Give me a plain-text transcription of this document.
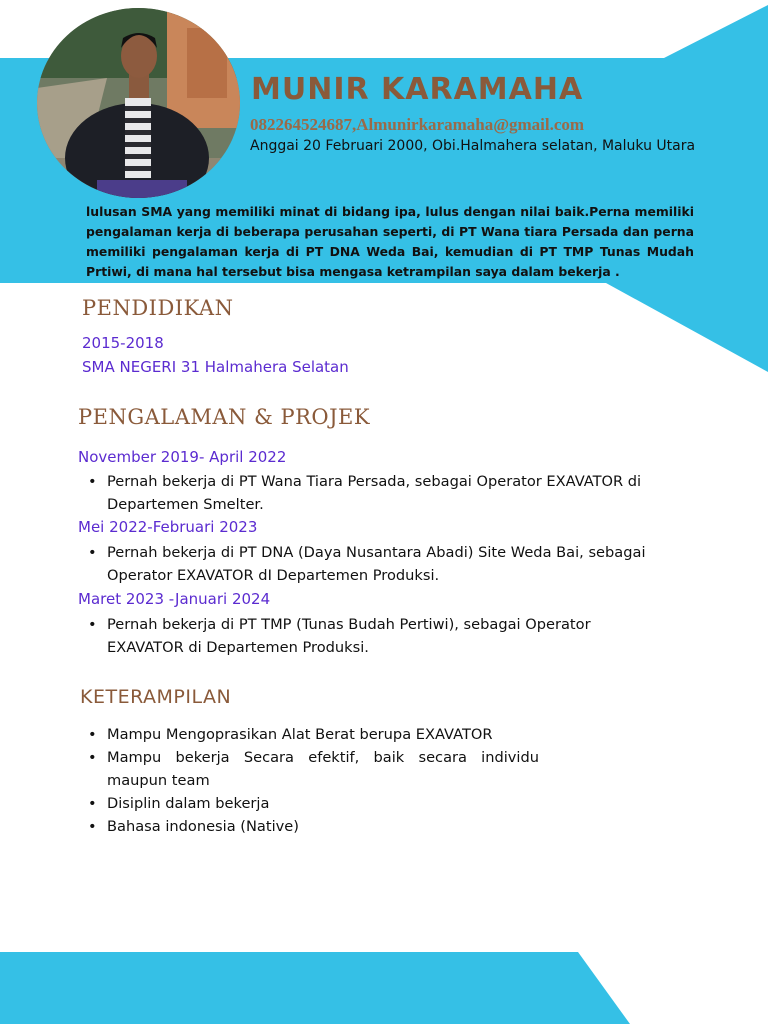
MUNIR KARAMAHA
082264524687,Almunirkaramaha@gmail.com
Anggai 20 Februari 2000, Obi.Halmahera selatan, Maluku Utara
lulusan SMA yang memiliki minat di bidang ipa, lulus dengan nilai baik.Perna memiliki pengalaman kerja di beberapa perusahan seperti, di PT Wana tiara Persada dan perna memiliki pengalaman kerja di PT DNA Weda Bai, kemudian di PT TMP Tunas Mudah Prtiwi, di mana hal tersebut bisa mengasa ketrampilan saya dalam bekerja .
PENDIDIKAN
2015-2018
SMA NEGERI 31 Halmahera Selatan
PENGALAMAN & PROJEK
November 2019- April 2022
• Pernah bekerja di PT Wana Tiara Persada, sebagai Operator EXAVATOR di Departemen Smelter.
Mei 2022-Februari 2023
• Pernah bekerja di PT DNA (Daya Nusantara Abadi) Site Weda Bai, sebagai Operator EXAVATOR dI Departemen Produksi.
Maret 2023 -Januari 2024
• Pernah bekerja di PT TMP (Tunas Budah Pertiwi), sebagai Operator EXAVATOR di Departemen Produksi.
KETERAMPILAN
• Mampu Mengoprasikan Alat Berat berupa EXAVATOR
• Mampu bekerja Secara efektif, baik secara individu maupun team
• Disiplin dalam bekerja
• Bahasa indonesia (Native)
